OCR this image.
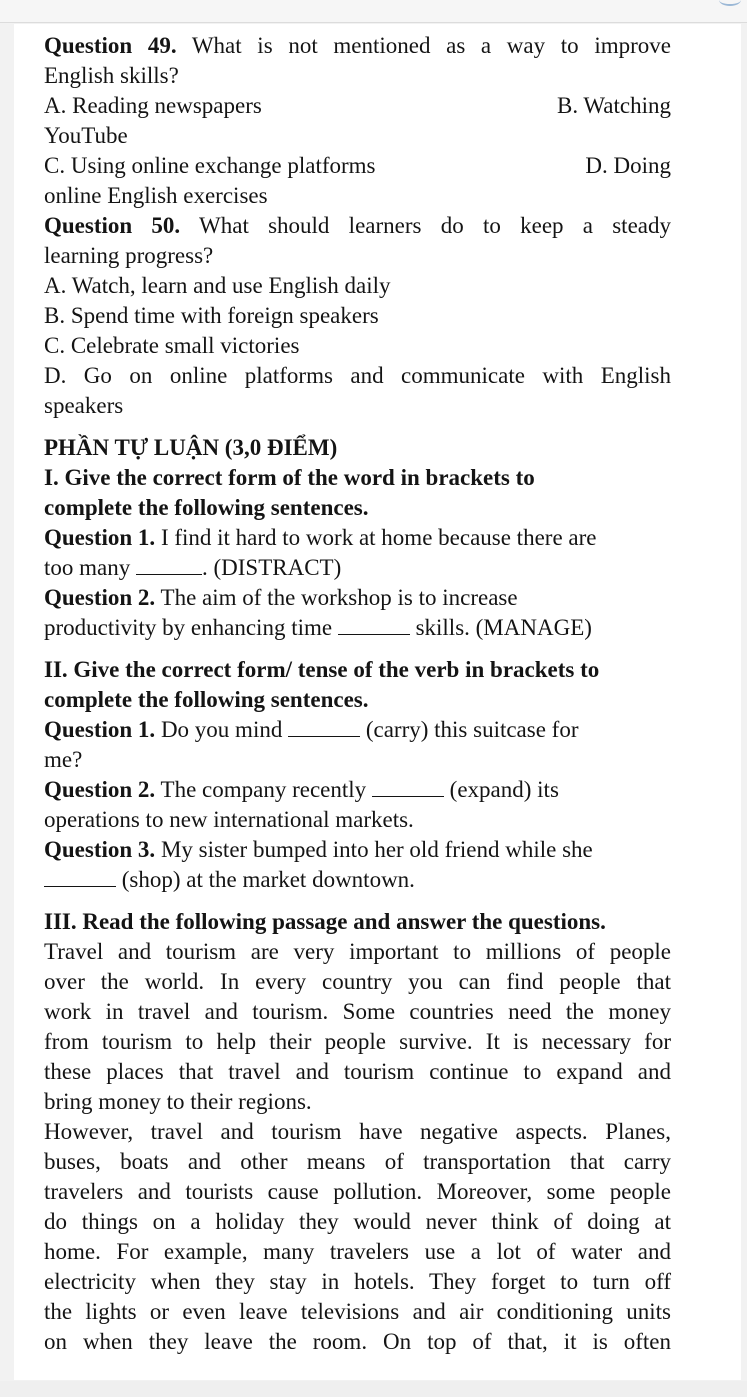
Question 49. What is not mentioned as a way to improve
English skills?
A. Reading newspapers	B. Watching
YouTube
C. Using online exchange platforms	D. Doing
online English exercises
Question 50. What should learners do to keep a steady
learning progress?
A. Watch, learn and use English daily
B. Spend time with foreign speakers
C. Celebrate small victories
D. Go on online platforms and communicate with English
speakers
PHẦN TỰ LUẬN (3,0 ĐIỂM)
I. Give the correct form of the word in brackets to
complete the following sentences.
Question 1. I find it hard to work at home because there are
too many	. (DISTRACT)
Question 2. The aim of the workshop is to increase
productivity by enhancing time	skills. (MANAGE)
II. Give the correct form/ tense of the verb in brackets to
complete the following sentences.
Question 1. Do you mind	(carry) this suitcase for
me?
Question 2. The company recently	(expand) its
operations to new international markets.
Question 3. My sister bumped into her old friend while she
(shop) at the market downtown.
III. Read the following passage and answer the questions.
Travel and tourism are very important to millions of people
over the world. In every country you can find people that
work in travel and tourism. Some countries need the money
from tourism to help their people survive. It is necessary for
these places that travel and tourism continue to expand and
bring money to their regions.
However, travel and tourism have negative aspects. Planes,
buses, boats and other means of transportation that carry
travelers and tourists cause pollution. Moreover, some people
do things on a holiday they would never think of doing at
home. For example, many travelers use a lot of water and
electricity when they stay in hotels. They forget to turn off
the lights or even leave televisions and air conditioning units
on when they leave the room. On top of that, it is often
